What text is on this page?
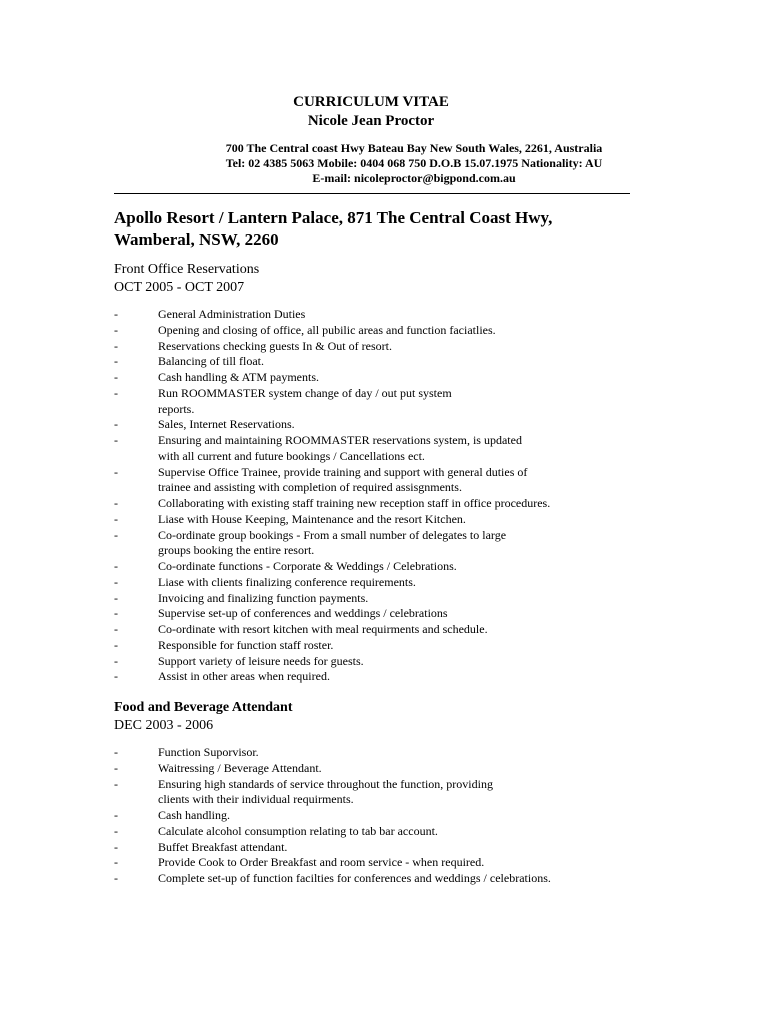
CURRICULUM VITAE
Nicole Jean Proctor
700 The Central coast Hwy Bateau Bay New South Wales, 2261, Australia
Tel: 02 4385 5063 Mobile: 0404 068 750 D.O.B 15.07.1975 Nationality: AU
E-mail: nicoleproctor@bigpond.com.au
Apollo Resort / Lantern Palace, 871 The Central Coast Hwy,
Wamberal, NSW, 2260
Front Office Reservations
OCT 2005 - OCT 2007
-	General Administration Duties
-	Opening and closing of office, all pubilic areas and function faciatlies.
-	Reservations checking guests In & Out of resort.
-	Balancing of till float.
-	Cash handling & ATM payments.
-	Run ROOMMASTER system change of day / out put system
reports.
-	Sales, Internet Reservations.
-	Ensuring and maintaining ROOMMASTER reservations system, is updated
with all current and future bookings / Cancellations ect.
-	Supervise Office Trainee, provide training and support with general duties of
trainee and assisting with completion of required assisgnments.
-	Collaborating with existing staff training new reception staff in office procedures.
-	Liase with House Keeping, Maintenance and the resort Kitchen.
-	Co-ordinate group bookings - From a small number of delegates to large
groups booking the entire resort.
-	Co-ordinate functions - Corporate & Weddings / Celebrations.
-	Liase with clients finalizing conference requirements.
-	Invoicing and finalizing function payments.
-	Supervise set-up of conferences and weddings / celebrations
-	Co-ordinate with resort kitchen with meal requirments and schedule.
-	Responsible for function staff roster.
-	Support variety of leisure needs for guests.
-	Assist in other areas when required.
Food and Beverage Attendant
DEC 2003 - 2006
-	Function Suporvisor.
-	Waitressing / Beverage Attendant.
-	Ensuring high standards of service throughout the function, providing
clients with their individual requirments.
-	Cash handling.
-	Calculate alcohol consumption relating to tab bar account.
-	Buffet Breakfast attendant.
-	Provide Cook to Order Breakfast and room service - when required.
-	Complete set-up of function facilties for conferences and weddings / celebrations.
